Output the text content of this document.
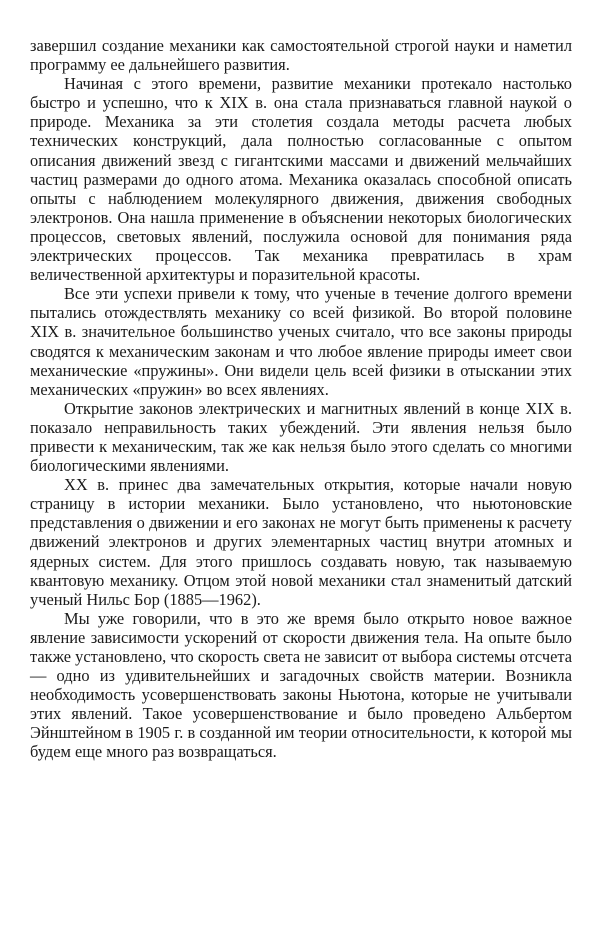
завершил создание механики как самостоятельной строгой науки и наметил программу ее дальнейшего развития.

Начиная с этого времени, развитие механики протекало настолько быстро и успешно, что к XIX в. она стала признаваться главной наукой о природе. Механика за эти столетия создала методы расчета любых технических конструкций, дала полностью согласованные с опытом описания движений звезд с гигантскими массами и движений мельчайших частиц размерами до одного атома. Механика оказалась способной описать опыты с наблюдением молекулярного движения, движения свободных электронов. Она нашла применение в объяснении некоторых биологических процессов, световых явлений, послужила основой для понимания ряда электрических процессов. Так механика превратилась в храм величественной архитектуры и поразительной красоты.

Все эти успехи привели к тому, что ученые в течение долгого времени пытались отождествлять механику со всей физикой. Во второй половине XIX в. значительное большинство ученых считало, что все законы природы сводятся к механическим законам и что любое явление природы имеет свои механические «пружины». Они видели цель всей физики в отыскании этих механических «пружин» во всех явлениях.

Открытие законов электрических и магнитных явлений в конце XIX в. показало неправильность таких убеждений. Эти явления нельзя было привести к механическим, так же как нельзя было этого сделать со многими биологическими явлениями.

XX в. принес два замечательных открытия, которые начали новую страницу в истории механики. Было установлено, что ньютоновские представления о движении и его законах не могут быть применены к расчету движений электронов и других элементарных частиц внутри атомных и ядерных систем. Для этого пришлось создавать новую, так называемую квантовую механику. Отцом этой новой механики стал знаменитый датский ученый Нильс Бор (1885—1962).

Мы уже говорили, что в это же время было открыто новое важное явление зависимости ускорений от скорости движения тела. На опыте было также установлено, что скорость света не зависит от выбора системы отсчета — одно из удивительнейших и загадочных свойств материи. Возникла необходимость усовершенствовать законы Ньютона, которые не учитывали этих явлений. Такое усовершенствование и было проведено Альбертом Эйнштейном в 1905 г. в созданной им теории относительности, к которой мы будем еще много раз возвращаться.
